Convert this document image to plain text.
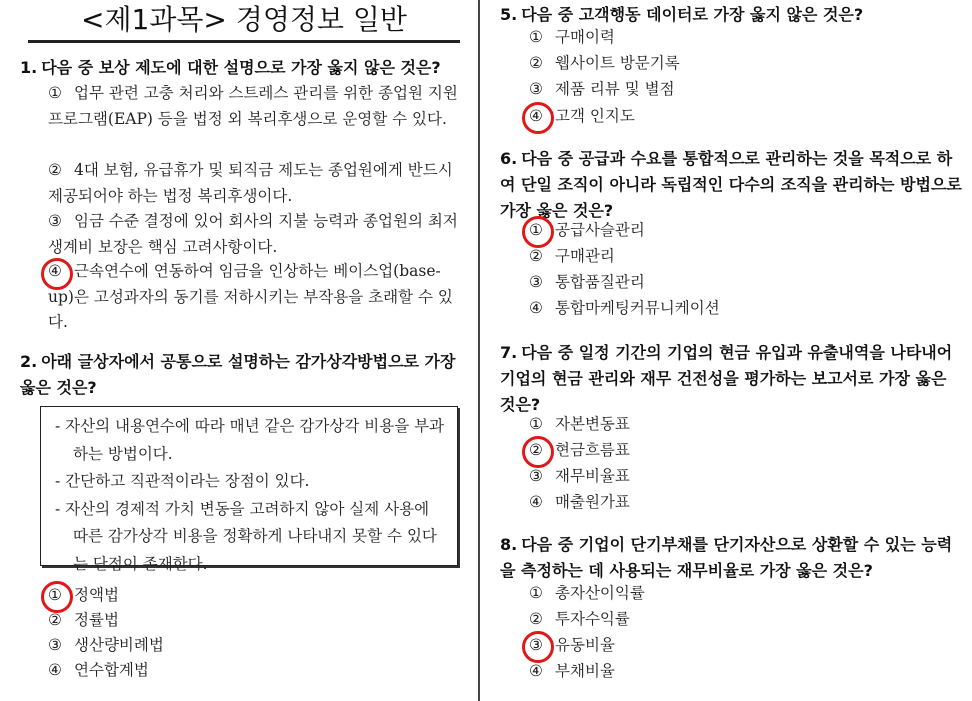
<제1과목> 경영정보 일반
1. 다음 중 보상 제도에 대한 설명으로 가장 옳지 않은 것은?
① 업무 관련 고충 처리와 스트레스 관리를 위한 종업원 지원프로그램(EAP) 등을 법정 외 복리후생으로 운영할 수 있다.
② 4대 보험, 유급휴가 및 퇴직금 제도는 종업원에게 반드시 제공되어야 하는 법정 복리후생이다.
③ 임금 수준 결정에 있어 회사의 지불 능력과 종업원의 최저생계비 보장은 핵심 고려사항이다.
④ 근속연수에 연동하여 임금을 인상하는 베이스업(base-up)은 고성과자의 동기를 저하시키는 부작용을 초래할 수 있다.
2. 아래 글상자에서 공통으로 설명하는 감가상각방법으로 가장 옳은 것은?
- 자산의 내용연수에 따라 매년 같은 감가상각 비용을 부과하는 방법이다.
- 간단하고 직관적이라는 장점이 있다.
- 자산의 경제적 가치 변동을 고려하지 않아 실제 사용에 따른 감가상각 비용을 정확하게 나타내지 못할 수 있다는 단점이 존재한다.
① 정액법
② 정률법
③ 생산량비례법
④ 연수합계법
5. 다음 중 고객행동 데이터로 가장 옳지 않은 것은?
① 구매이력
② 웹사이트 방문기록
③ 제품 리뷰 및 별점
④ 고객 인지도
6. 다음 중 공급과 수요를 통합적으로 관리하는 것을 목적으로 하여 단일 조직이 아니라 독립적인 다수의 조직을 관리하는 방법으로 가장 옳은 것은?
① 공급사슬관리
② 구매관리
③ 통합품질관리
④ 통합마케팅커뮤니케이션
7. 다음 중 일정 기간의 기업의 현금 유입과 유출내역을 나타내어 기업의 현금 관리와 재무 건전성을 평가하는 보고서로 가장 옳은 것은?
① 자본변동표
② 현금흐름표
③ 재무비율표
④ 매출원가표
8. 다음 중 기업이 단기부채를 단기자산으로 상환할 수 있는 능력을 측정하는 데 사용되는 재무비율로 가장 옳은 것은?
① 총자산이익률
② 투자수익률
③ 유동비율
④ 부채비율
